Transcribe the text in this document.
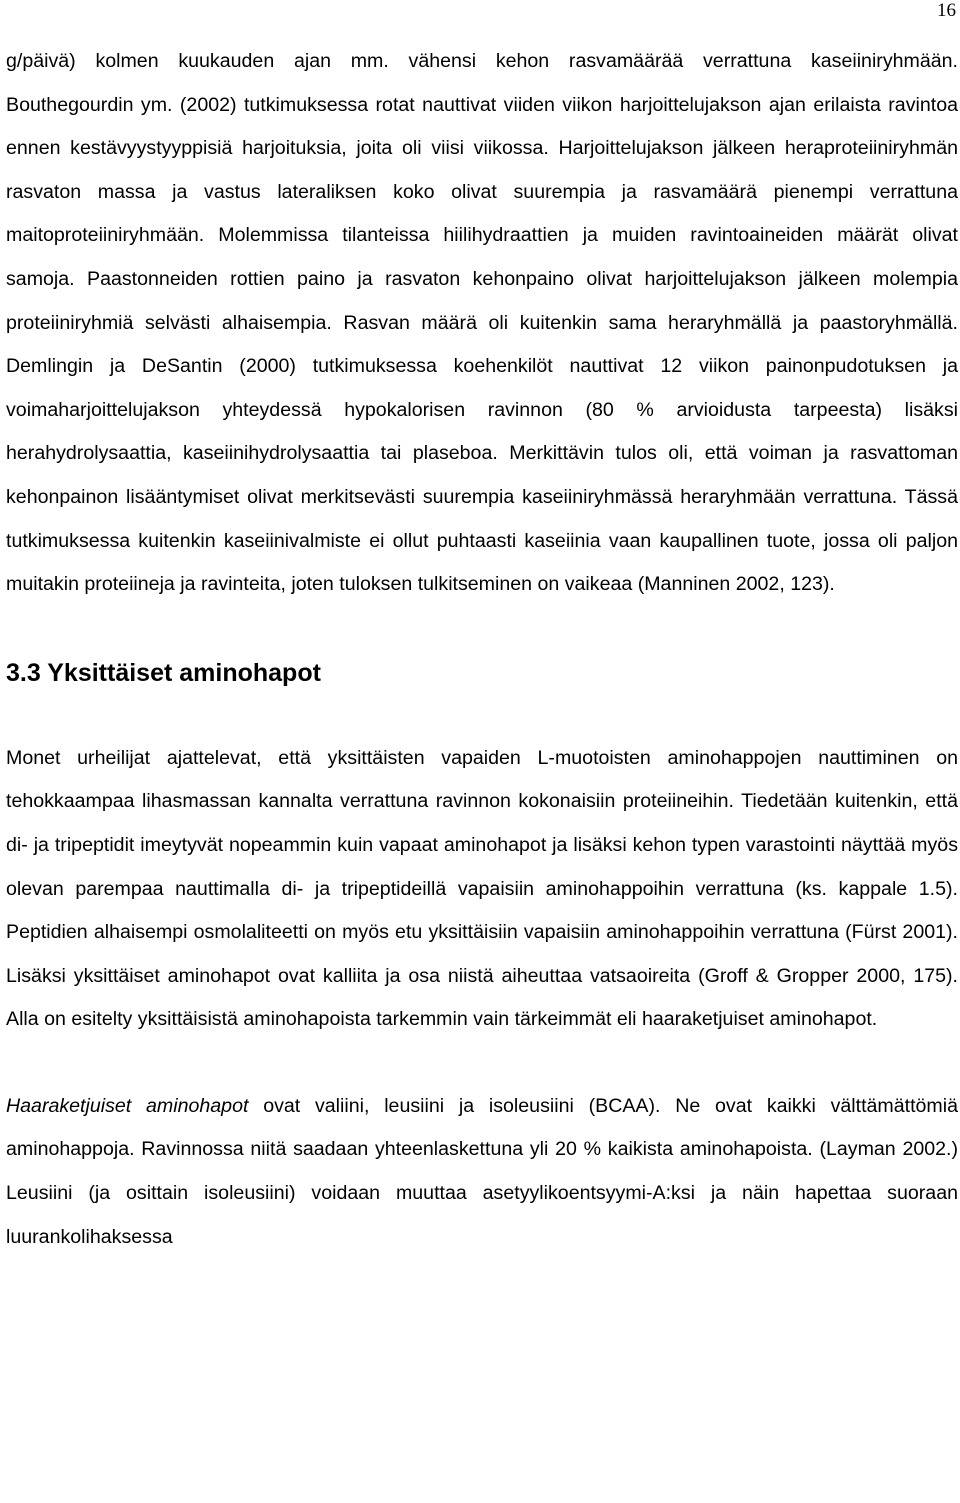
16

g/päivä) kolmen kuukauden ajan mm. vähensi kehon rasvamäärää verrattuna kaseiiniryhmään. Bouthegourdin ym. (2002) tutkimuksessa rotat nauttivat viiden viikon harjoittelujakson ajan erilaista ravintoa ennen kestävyystyyppisiä harjoituksia, joita oli viisi viikossa. Harjoittelujakson jälkeen heraproteiiniryhmän rasvaton massa ja vastus lateraliksen koko olivat suurempia ja rasvamäärä pienempi verrattuna maitoproteiiniryhmään. Molemmissa tilanteissa hiilihydraattien ja muiden ravintoaineiden määrät olivat samoja. Paastonneiden rottien paino ja rasvaton kehonpaino olivat harjoittelujakson jälkeen molempia proteiiniryhmiä selvästi alhaisempia. Rasvan määrä oli kuitenkin sama heraryhmällä ja paastoryhmällä. Demlingin ja DeSantin (2000) tutkimuksessa koehenkilöt nauttivat 12 viikon painonpudotuksen ja voimaharjoittelujakson yhteydessä hypokalorisen ravinnon (80 % arvioidusta tarpeesta) lisäksi herahydrolysaattia, kaseiinihydrolysaattia tai plaseboa. Merkittävin tulos oli, että voiman ja rasvattoman kehonpainon lisääntymiset olivat merkitsevästi suurempia kaseiiniryhmässä heraryhmään verrattuna. Tässä tutkimuksessa kuitenkin kaseiinivalmiste ei ollut puhtaasti kaseiinia vaan kaupallinen tuote, jossa oli paljon muitakin proteiineja ja ravinteita, joten tuloksen tulkitseminen on vaikeaa (Manninen 2002, 123).

3.3 Yksittäiset aminohapot

Monet urheilijat ajattelevat, että yksittäisten vapaiden L-muotoisten aminohappojen nauttiminen on tehokkaampaa lihasmassan kannalta verrattuna ravinnon kokonaisiin proteiineihin. Tiedetään kuitenkin, että di- ja tripeptidit imeytyvät nopeammin kuin vapaat aminohapot ja lisäksi kehon typen varastointi näyttää myös olevan parempaa nauttimalla di- ja tripeptideillä vapaisiin aminohappoihin verrattuna (ks. kappale 1.5). Peptidien alhaisempi osmolaliteetti on myös etu yksittäisiin vapaisiin aminohappoihin verrattuna (Fürst 2001). Lisäksi yksittäiset aminohapot ovat kalliita ja osa niistä aiheuttaa vatsaoireita (Groff & Gropper 2000, 175). Alla on esitelty yksittäisistä aminohapoista tarkemmin vain tärkeimmät eli haaraketjuiset aminohapot.

Haaraketjuiset aminohapot ovat valiini, leusiini ja isoleusiini (BCAA). Ne ovat kaikki välttämättömiä aminohappoja. Ravinnossa niitä saadaan yhteenlaskettuna yli 20 % kaikista aminohapoista. (Layman 2002.) Leusiini (ja osittain isoleusiini) voidaan muuttaa asetyylikoentsyymi-A:ksi ja näin hapettaa suoraan luurankolihaksessa
